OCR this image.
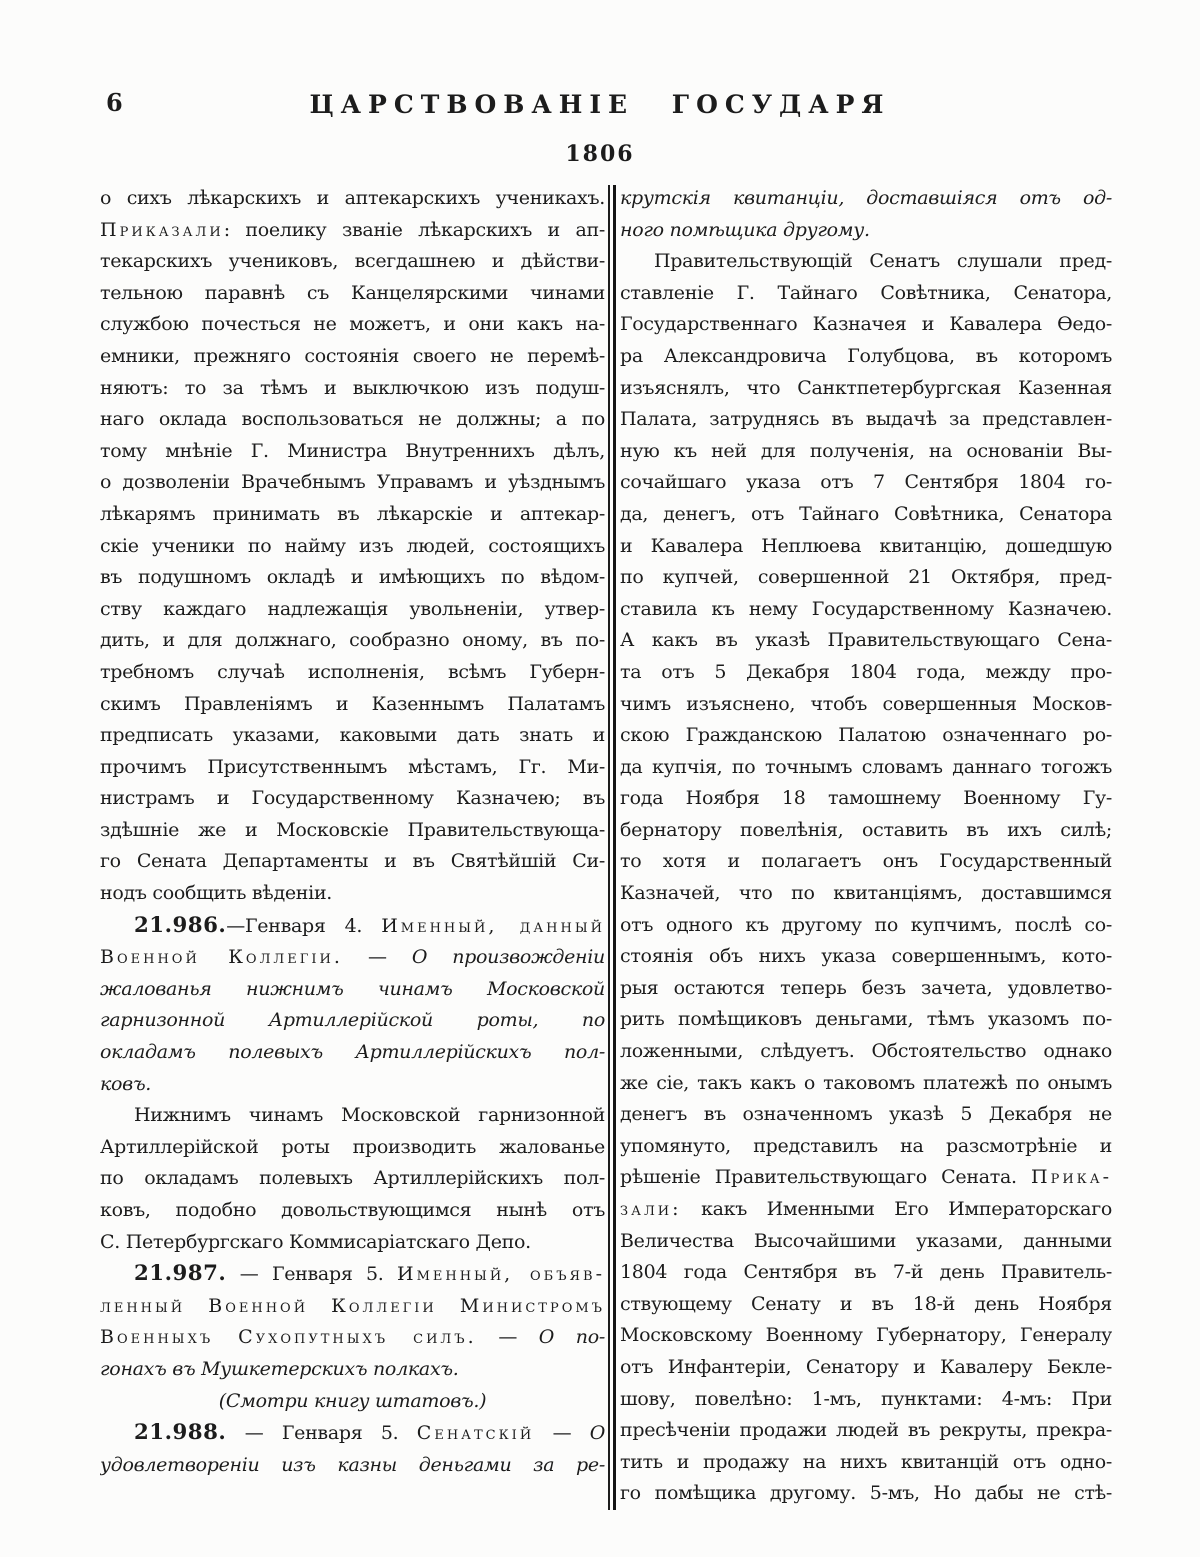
6	ЦАРСТВОВАНІЕ ГОСУДАРЯ
1806
о сихъ лѣкарскихъ и аптекарскихъ ученикахъ.
Приказали: поелику званіе лѣкарскихъ и ап-
текарскихъ учениковъ, всегдашнею и дѣйстви-
тельною паравнѣ съ Канцелярскими чинами
службою почесться не можетъ, и они какъ на-
емники, прежняго состоянія своего не перемѣ-
няютъ: то за тѣмъ и выключкою изъ подуш-
наго оклада воспользоваться не должны; а по
тому мнѣніе Г. Министра Внутреннихъ дѣлъ,
о дозволеніи Врачебнымъ Управамъ и уѣзднымъ
лѣкарямъ принимать въ лѣкарскіе и аптекар-
скіе ученики по найму изъ людей, состоящихъ
въ подушномъ окладѣ и имѣющихъ по вѣдом-
ству каждаго надлежащія увольненіи, утвер-
дить, и для должнаго, сообразно оному, въ по-
требномъ случаѣ исполненія, всѣмъ Губерн-
скимъ Правленіямъ и Казеннымъ Палатамъ
предписать указами, каковыми дать знать и
прочимъ Присутственнымъ мѣстамъ, Гг. Ми-
нистрамъ и Государственному Казначею; въ
здѣшніе же и Московскіе Правительствующа-
го Сената Департаменты и въ Святѣйшій Си-
нодъ сообщить вѣденіи.
21.986.—Генваря 4. Именный, данный
Военной Коллегіи. — О произвожденіи
жалованья нижнимъ чинамъ Московской
гарнизонной Артиллерійской роты, по
окладамъ полевыхъ Артиллерійскихъ пол-
ковъ.
Нижнимъ чинамъ Московской гарнизонной
Артиллерійской роты производить жалованье
по окладамъ полевыхъ Артиллерійскихъ пол-
ковъ, подобно довольствующимся нынѣ отъ
С. Петербургскаго Коммисаріатскаго Депо.
21.987. — Генваря 5. Именный, объяв-
ленный Военной Коллегіи Министромъ
Военныхъ Сухопутныхъ силъ. — О по-
гонахъ въ Мушкетерскихъ полкахъ.
(Смотри книгу штатовъ.)
21.988. — Генваря 5. Сенатскій — О
удовлетвореніи изъ казны деньгами за ре-
крутскія квитанціи, доставшіяся отъ од-
ного помѣщика другому.
Правительствующій Сенатъ слушали пред-
ставленіе Г. Тайнаго Совѣтника, Сенатора,
Государственнаго Казначея и Кавалера Ѳедо-
ра Александровича Голубцова, въ которомъ
изъяснялъ, что Санктпетербургская Казенная
Палата, затруднясь въ выдачѣ за представлен-
ную къ ней для полученія, на основаніи Вы-
сочайшаго указа отъ 7 Сентября 1804 го-
да, денегъ, отъ Тайнаго Совѣтника, Сенатора
и Кавалера Неплюева квитанцію, дошедшую
по купчей, совершенной 21 Октября, пред-
ставила къ нему Государственному Казначею.
А какъ въ указѣ Правительствующаго Сена-
та отъ 5 Декабря 1804 года, между про-
чимъ изъяснено, чтобъ совершенныя Москов-
скою Гражданскою Палатою означеннаго ро-
да купчія, по точнымъ словамъ даннаго тогожъ
года Ноября 18 тамошнему Военному Гу-
бернатору повелѣнія, оставить въ ихъ силѣ;
то хотя и полагаетъ онъ Государственный
Казначей, что по квитанціямъ, доставшимся
отъ одного къ другому по купчимъ, послѣ со-
стоянія объ нихъ указа совершеннымъ, кото-
рыя остаются теперь безъ зачета, удовлетво-
рить помѣщиковъ деньгами, тѣмъ указомъ по-
ложенными, слѣдуетъ. Обстоятельство однако
же сіе, такъ какъ о таковомъ платежѣ по онымъ
денегъ въ означенномъ указѣ 5 Декабря не
упомянуто, представилъ на разсмотрѣніе и
рѣшеніе Правительствующаго Сената. Прика-
зали: какъ Именными Его Императорскаго
Величества Высочайшими указами, данными
1804 года Сентября въ 7-й день Правитель-
ствующему Сенату и въ 18-й день Ноября
Московскому Военному Губернатору, Генералу
отъ Инфантеріи, Сенатору и Кавалеру Бекле-
шову, повелѣно: 1-мъ, пунктами: 4-мъ: При
пресѣченіи продажи людей въ рекруты, прекра-
тить и продажу на нихъ квитанцій отъ одно-
го помѣщика другому. 5-мъ, Но дабы не стѣ-
